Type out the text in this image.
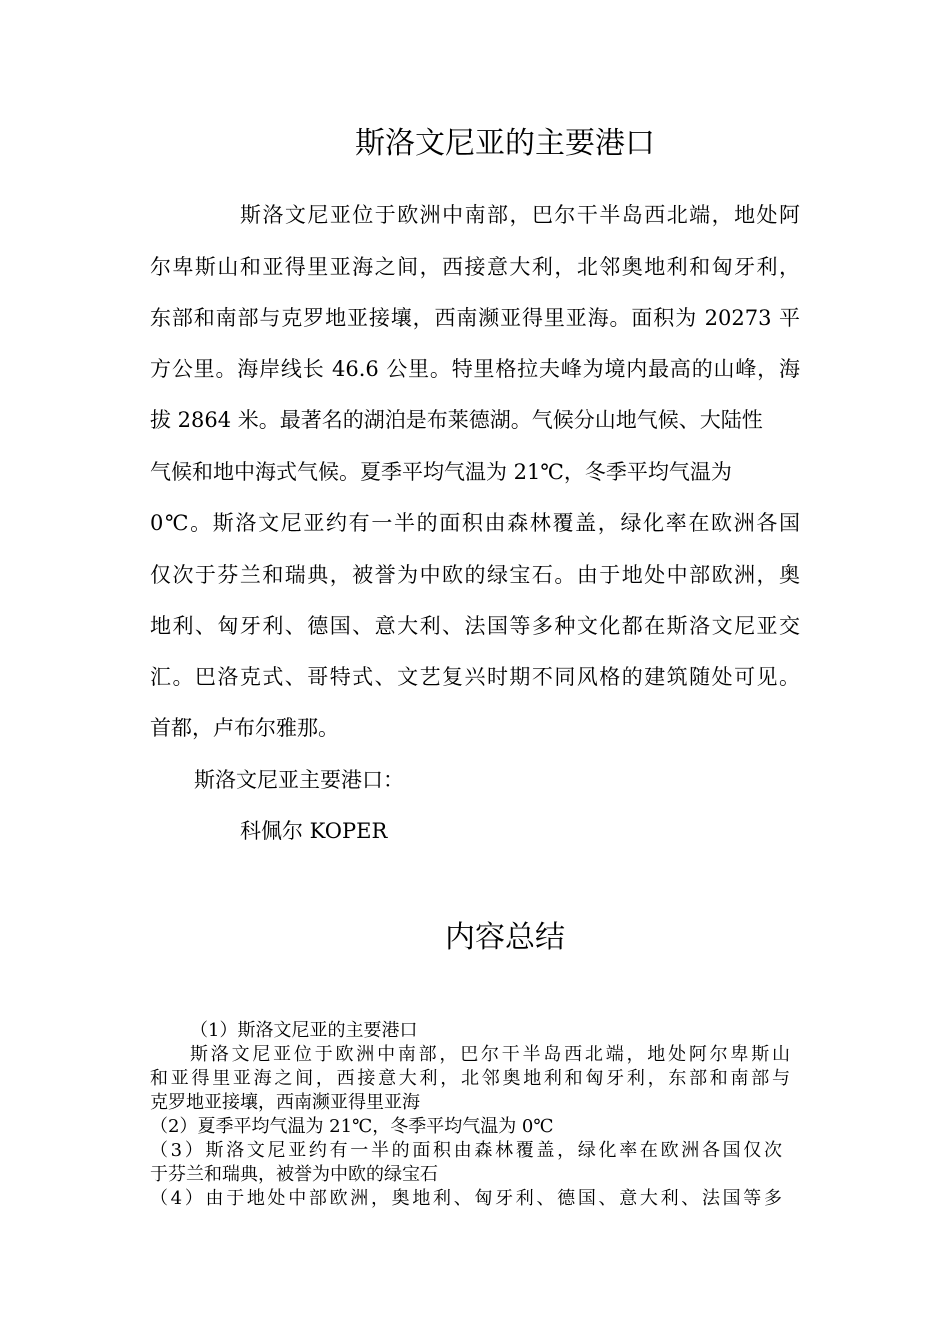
斯洛文尼亚的主要港口
斯洛文尼亚位于欧洲中南部，巴尔干半岛西北端，地处阿
尔卑斯山和亚得里亚海之间，西接意大利，北邻奥地利和匈牙利，
东部和南部与克罗地亚接壤，西南濒亚得里亚海。面积为 20273 平
方公里。海岸线长 46.6 公里。特里格拉夫峰为境内最高的山峰，海
拔 2864 米。最著名的湖泊是布莱德湖。气候分山地气候、大陆性
气候和地中海式气候。夏季平均气温为 21℃，冬季平均气温为
0℃。斯洛文尼亚约有一半的面积由森林覆盖，绿化率在欧洲各国
仅次于芬兰和瑞典，被誉为中欧的绿宝石。由于地处中部欧洲，奥
地利、匈牙利、德国、意大利、法国等多种文化都在斯洛文尼亚交
汇。巴洛克式、哥特式、文艺复兴时期不同风格的建筑随处可见。
首都，卢布尔雅那。
斯洛文尼亚主要港口：
科佩尔 KOPER
内容总结
（1）斯洛文尼亚的主要港口
斯洛文尼亚位于欧洲中南部，巴尔干半岛西北端，地处阿尔卑斯山
和亚得里亚海之间，西接意大利，北邻奥地利和匈牙利，东部和南部与
克罗地亚接壤，西南濒亚得里亚海
（2）夏季平均气温为 21℃，冬季平均气温为 0℃
（3）斯洛文尼亚约有一半的面积由森林覆盖，绿化率在欧洲各国仅次
于芬兰和瑞典，被誉为中欧的绿宝石
（4）由于地处中部欧洲，奥地利、匈牙利、德国、意大利、法国等多
